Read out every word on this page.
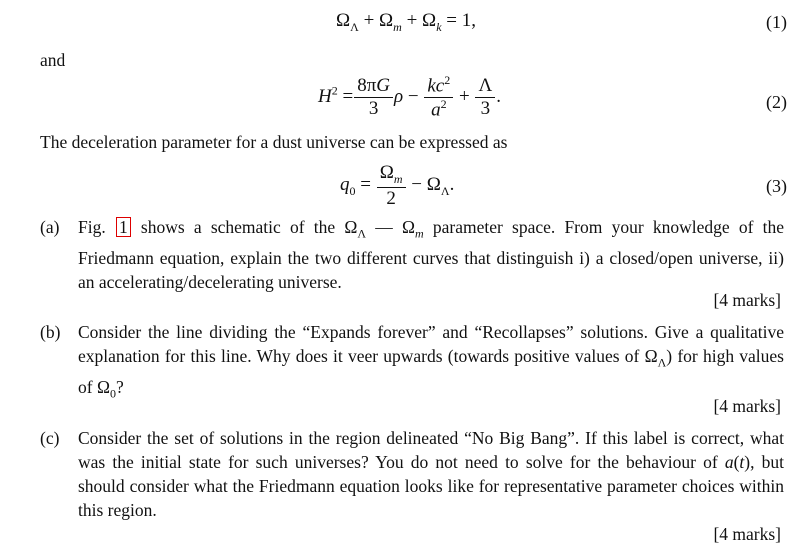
$\Omega_\Lambda + \Omega_m + \Omega_k = 1$,	(1)
and
$H^2 = \frac{8\pi G}{3}$ $\rho - \frac{kc^2}{a^2} + \frac{\Lambda}{3}$ .	(2)
The deceleration parameter for a dust universe can be expressed as
$q_0 = \frac{\Omega_m}{2} - \Omega_\Lambda$.	(3)
(a) Fig. 1 shows a schematic of the $\Omega_\Lambda$ — $\Omega_m$ parameter space. From your knowledge of the Friedmann equation, explain the two different curves that distinguish i) a closed/open universe, ii) an accelerating/decelerating universe.
[4 marks]
(b) Consider the line dividing the “Expands forever” and “Recollapses” solutions. Give a qualitative explanation for this line. Why does it veer upwards (towards positive values of $\Omega_\Lambda$) for high values of $\Omega_0$?
[4 marks]
(c) Consider the set of solutions in the region delineated “No Big Bang”. If this label is correct, what was the initial state for such universes? You do not need to solve for the behaviour of a(t), but should consider what the Friedmann equation looks like for representative parameter choices within this region.
[4 marks]
